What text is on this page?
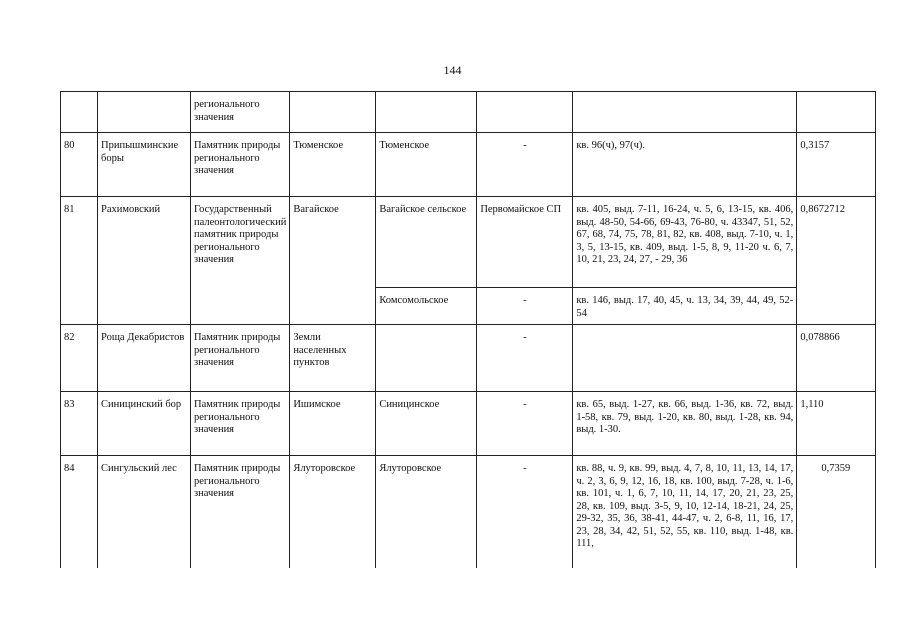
144
		регионального значения					
80	Припышминские боры	Памятник природы регионального значения	Тюменское	Тюменское	-	кв. 96(ч), 97(ч).	0,3157
81	Рахимовский	Государственный палеонтологический памятник природы регионального значения	Вагайское	Вагайское сельское	Первомайское СП	кв. 405, выд. 7-11, 16-24, ч. 5, 6, 13-15, кв. 406, выд. 48-50, 54-66, 69-43, 76-80, ч. 43347, 51, 52, 67, 68, 74, 75, 78, 81, 82, кв. 408, выд. 7-10, ч. 1, 3, 5, 13-15, кв. 409, выд. 1-5, 8, 9, 11-20 ч. 6, 7, 10, 21, 23, 24, 27, - 29, 36	0,8672712
				Комсомольское	-	кв. 146, выд. 17, 40, 45, ч. 13, 34, 39, 44, 49, 52-54	
82	Роща Декабристов	Памятник природы регионального значения	Земли населенных пунктов		-		0,078866
83	Синицинский бор	Памятник природы регионального значения	Ишимское	Синицинское	-	кв. 65, выд. 1-27, кв. 66, выд. 1-36, кв. 72, выд. 1-58, кв. 79, выд. 1-20, кв. 80, выд. 1-28, кв. 94, выд. 1-30.	1,110
84	Сингульский лес	Памятник природы регионального значения	Ялуторовское	Ялуторовское	-	кв. 88, ч. 9, кв. 99, выд. 4, 7, 8, 10, 11, 13, 14, 17, ч. 2, 3, 6, 9, 12, 16, 18, кв. 100, выд. 7-28, ч. 1-6, кв. 101, ч. 1, 6, 7, 10, 11, 14, 17, 20, 21, 23, 25, 28, кв. 109, выд. 3-5, 9, 10, 12-14, 18-21, 24, 25, 29-32, 35, 36, 38-41, 44-47, ч. 2, 6-8, 11, 16, 17, 23, 28, 34, 42, 51, 52, 55, кв. 110, выд. 1-48, кв. 111,	0,7359
